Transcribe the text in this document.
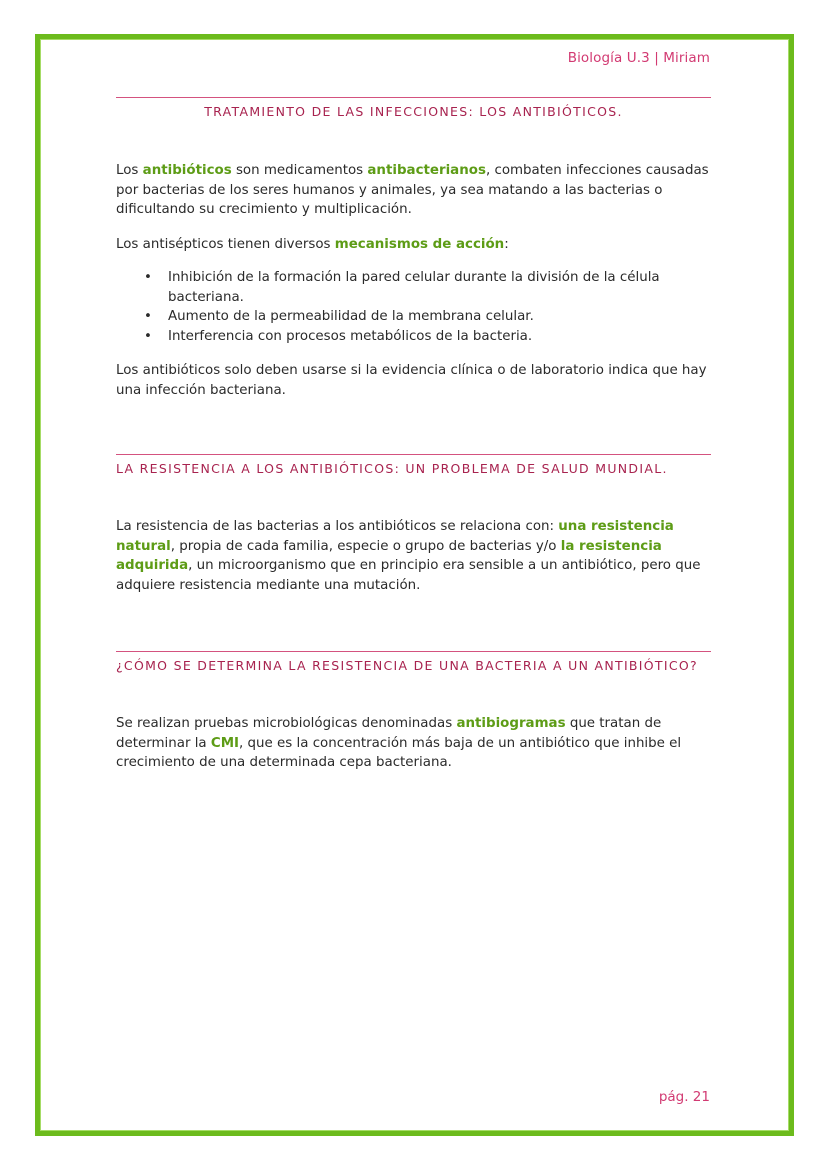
Biología U.3 | Miriam
TRATAMIENTO DE LAS INFECCIONES: LOS ANTIBIÓTICOS.

Los antibióticos son medicamentos antibacterianos, combaten infecciones causadas por bacterias de los seres humanos y animales, ya sea matando a las bacterias o dificultando su crecimiento y multiplicación.

Los antisépticos tienen diversos mecanismos de acción:

• Inhibición de la formación la pared celular durante la división de la célula bacteriana.
• Aumento de la permeabilidad de la membrana celular.
• Interferencia con procesos metabólicos de la bacteria.

Los antibióticos solo deben usarse si la evidencia clínica o de laboratorio indica que hay una infección bacteriana.

LA RESISTENCIA A LOS ANTIBIÓTICOS: UN PROBLEMA DE SALUD MUNDIAL.

La resistencia de las bacterias a los antibióticos se relaciona con: una resistencia natural, propia de cada familia, especie o grupo de bacterias y/o la resistencia adquirida, un microorganismo que en principio era sensible a un antibiótico, pero que adquiere resistencia mediante una mutación.

¿CÓMO SE DETERMINA LA RESISTENCIA DE UNA BACTERIA A UN ANTIBIÓTICO?

Se realizan pruebas microbiológicas denominadas antibiogramas que tratan de determinar la CMI, que es la concentración más baja de un antibiótico que inhibe el crecimiento de una determinada cepa bacteriana.

pág. 21
